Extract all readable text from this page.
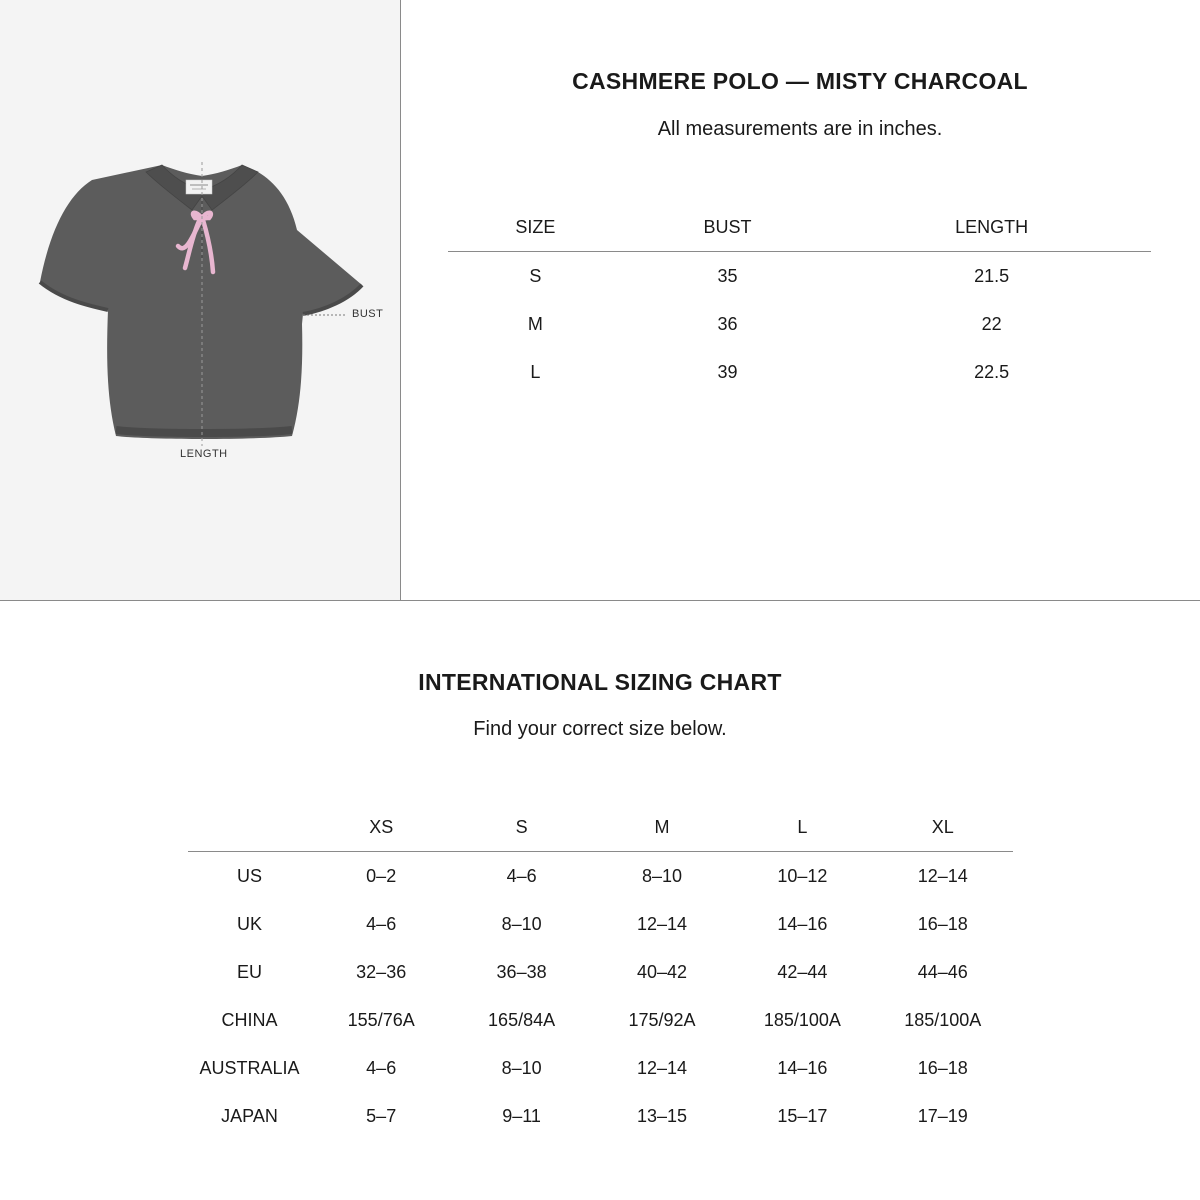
BUST
LENGTH
CASHMERE POLO — MISTY CHARCOAL
All measurements are in inches.
SIZE	BUST	LENGTH
S	35	21.5
M	36	22
L	39	22.5
INTERNATIONAL SIZING CHART
Find your correct size below.
	XS	S	M	L	XL
US	0–2	4–6	8–10	10–12	12–14
UK	4–6	8–10	12–14	14–16	16–18
EU	32–36	36–38	40–42	42–44	44–46
CHINA	155/76A	165/84A	175/92A	185/100A	185/100A
AUSTRALIA	4–6	8–10	12–14	14–16	16–18
JAPAN	5–7	9–11	13–15	15–17	17–19
